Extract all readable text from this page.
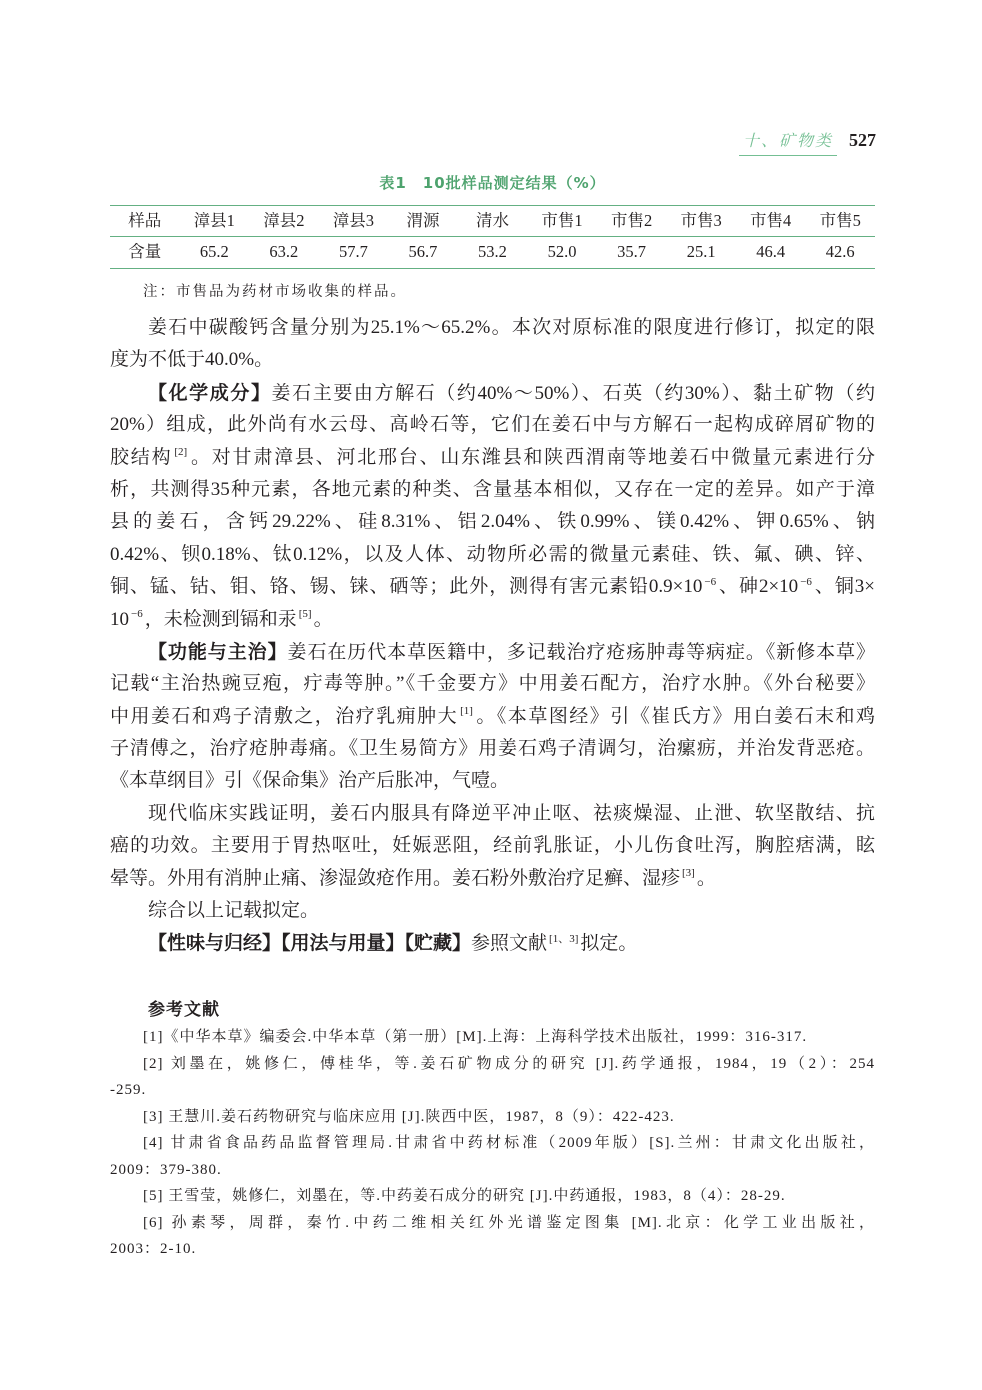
十、矿物类 527
表1　10批样品测定结果（%）
样品	漳县1	漳县2	漳县3	渭源	清水	市售1	市售2	市售3	市售4	市售5
含量	65.2	63.2	57.7	56.7	53.2	52.0	35.7	25.1	46.4	42.6
注：市售品为药材市场收集的样品。
姜石中碳酸钙含量分别为25.1%～65.2%。本次对原标准的限度进行修订，拟定的限
度为不低于40.0%。
【化学成分】姜石主要由方解石（约40%～50%）、石英（约30%）、黏土矿物（约
20%）组成，此外尚有水云母、高岭石等，它们在姜石中与方解石一起构成碎屑矿物的
胶结构 [2] 。对甘肃漳县、河北邢台、山东潍县和陕西渭南等地姜石中微量元素进行分
析，共测得35种元素，各地元素的种类、含量基本相似，又存在一定的差异。如产于漳
县的姜石，含钙29.22%、硅8.31%、铝2.04%、铁0.99%、镁0.42%、钾0.65%、钠
0.42%、钡0.18%、钛0.12%，以及人体、动物所必需的微量元素硅、铁、氟、碘、锌、
铜、锰、钴、钼、铬、锡、铼、硒等；此外，测得有害元素铅0.9×10 $^{-6}$ 、砷2×10 $^{-6}$ 、铜3×
10 $^{-6}$ ，未检测到镉和汞 [5] 。
【功能与主治】姜石在历代本草医籍中，多记载治疗疮疡肿毒等病症。《新修本草》
记载“主治热豌豆疱，疔毒等肿。”《千金要方》中用姜石配方，治疗水肿。《外台秘要》
中用姜石和鸡子清敷之，治疗乳痈肿大 [1] 。《本草图经》引《崔氏方》用白姜石末和鸡
子清傅之，治疗疮肿毒痛。《卫生易简方》用姜石鸡子清调匀，治瘰疬，并治发背恶疮。
《本草纲目》引《保命集》治产后胀冲，气噎。
现代临床实践证明，姜石内服具有降逆平冲止呕、祛痰燥湿、止泄、软坚散结、抗
癌的功效。主要用于胃热呕吐，妊娠恶阻，经前乳胀证，小儿伤食吐泻，胸腔痞满，眩
晕等。外用有消肿止痛、渗湿敛疮作用。姜石粉外敷治疗足癣、湿疹 [3] 。
综合以上记载拟定。
【性味与归经】【用法与用量】【贮藏】参照文献 [1、3] 拟定。
参考文献
[1]《中华本草》编委会.中华本草（第一册）[M].上海：上海科学技术出版社，1999：316-317.
[2] 刘墨在，姚修仁，傅桂华，等.姜石矿物成分的研究 [J].药学通报，1984，19（2）：254
-259.
[3] 王慧川.姜石药物研究与临床应用 [J].陕西中医，1987，8（9）：422-423.
[4] 甘肃省食品药品监督管理局.甘肃省中药材标准（2009年版）[S].兰州：甘肃文化出版社，
2009：379-380.
[5] 王雪莹，姚修仁，刘墨在，等.中药姜石成分的研究 [J].中药通报，1983，8（4）：28-29.
[6] 孙素琴，周群，秦竹.中药二维相关红外光谱鉴定图集 [M].北京：化学工业出版社，
2003：2-10.
